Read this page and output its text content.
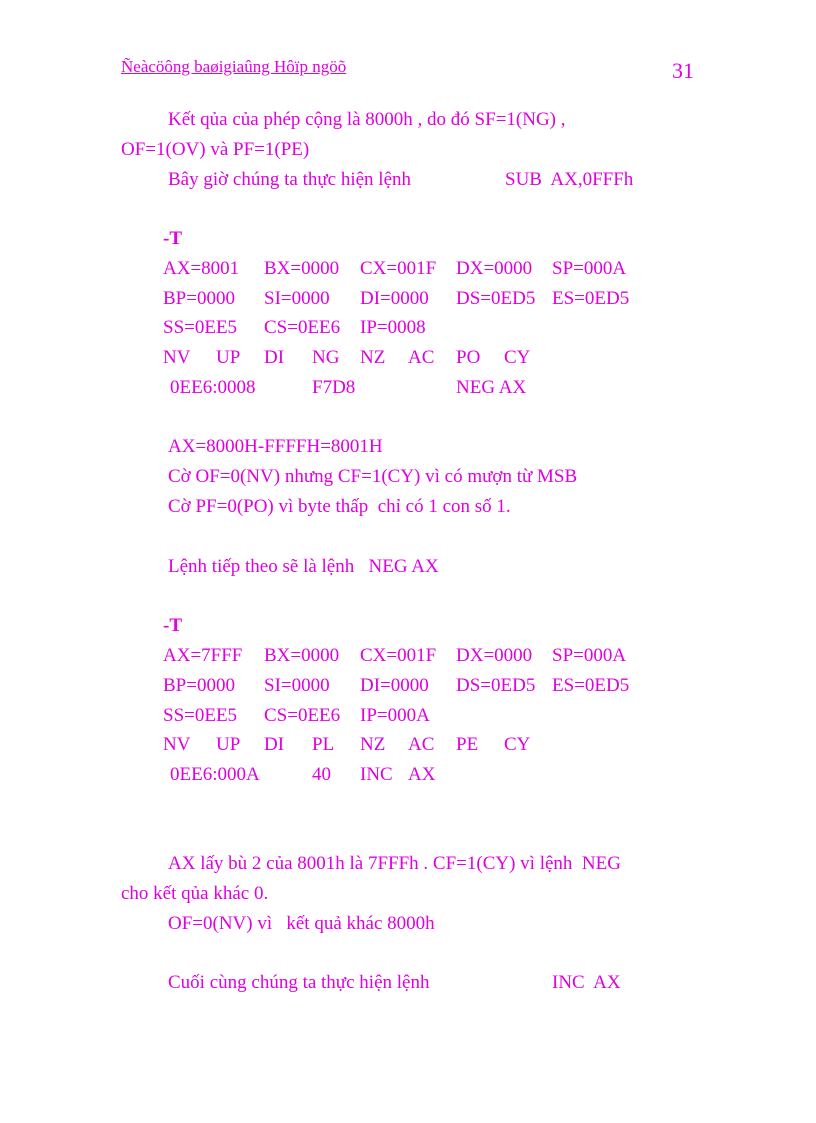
Ñeàcöông baøigiaûng Hôïp ngöõ	31
Kết qủa của phép cộng là 8000h , do đó SF=1(NG) ,
OF=1(OV) và PF=1(PE)
Bây giờ chúng ta thực hiện lệnh	SUB  AX,0FFFh
-T
AX=8001 BX=0000 CX=001F DX=0000 SP=000A
BP=0000 SI=0000 DI=0000 DS=0ED5 ES=0ED5
SS=0EE5 CS=0EE6 IP=0008
NV UP DI NG NZ AC PO CY
0EE6:0008	F7D8	NEG AX
AX=8000H-FFFFH=8001H
Cờ OF=0(NV) nhưng CF=1(CY) vì có mượn từ MSB
Cờ PF=0(PO) vì byte thấp  chỉ có 1 con số 1.
Lệnh tiếp theo sẽ là lệnh   NEG AX
-T
AX=7FFF BX=0000 CX=001F DX=0000 SP=000A
BP=0000 SI=0000 DI=0000 DS=0ED5 ES=0ED5
SS=0EE5 CS=0EE6 IP=000A
NV UP DI PL NZ AC PE CY
0EE6:000A	40 INC AX
AX lấy bù 2 của 8001h là 7FFFh . CF=1(CY) vì lệnh  NEG
cho kết qủa khác 0.
OF=0(NV) vì   kết quả khác 8000h
Cuối cùng chúng ta thực hiện lệnh	INC  AX
